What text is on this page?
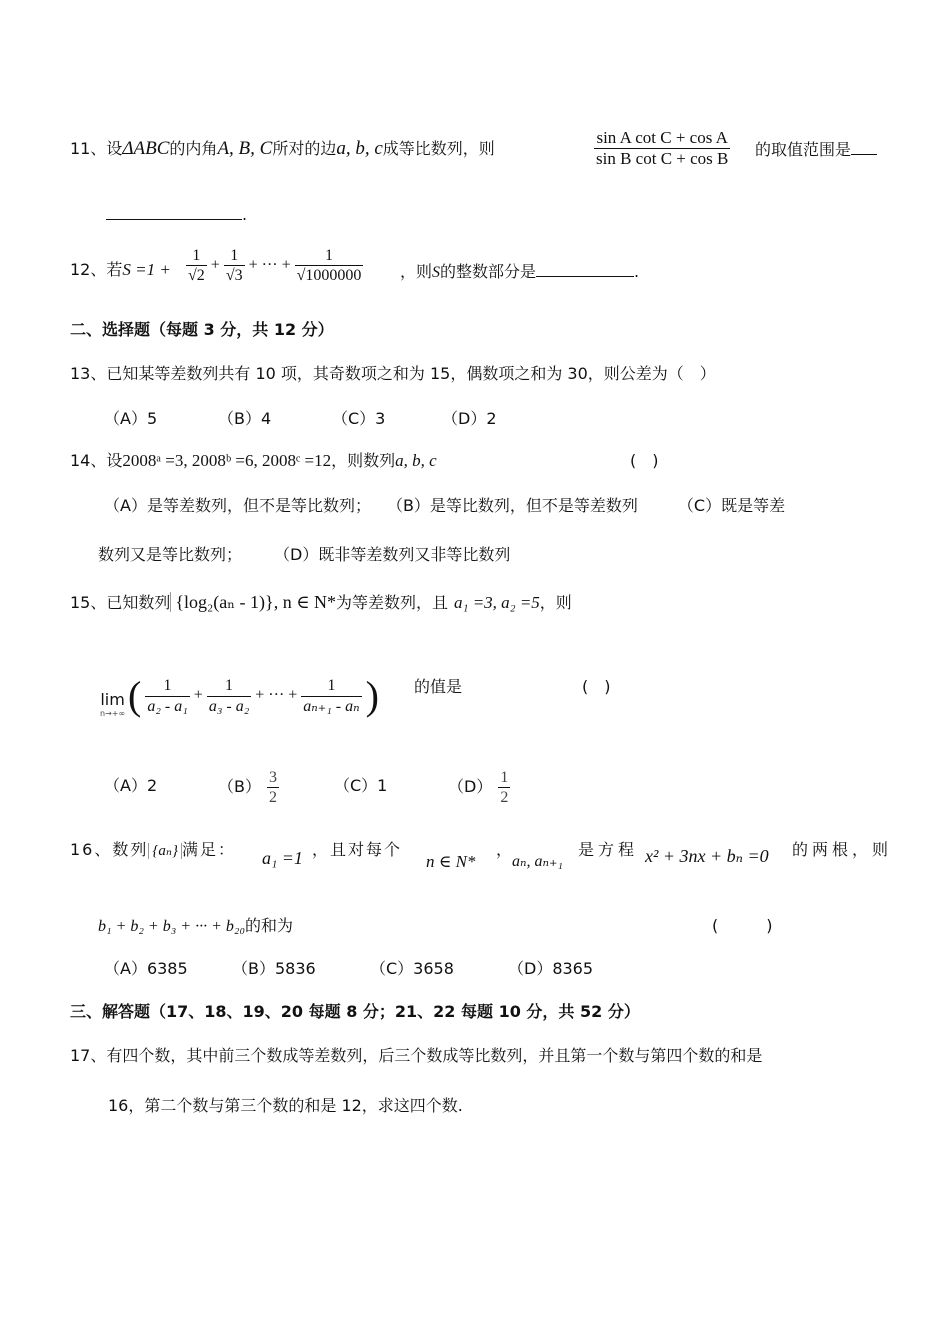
11、设ΔABC的内角A, B, C所对的边a, b, c成等比数列，则	$\frac{\text{sin A cot C + cos A}}{\text{sin B cot C + cos B}}$ 的取值范围是
.
12、若$S =1 + \frac{1}{√2} + \frac{1}{√3}$ + ··· + $\frac{1}{√1000000}$ ，则S的整数部分是	.
二、选择题（每题 3 分，共 12 分）
13、已知某等差数列共有 10 项，其奇数项之和为 15，偶数项之和为 30，则公差为（　）
（A）5	（B）4	（C）3	（D）2
14、设2008ᵃ =3, 2008ᵇ =6, 2008ᶜ =12，则数列a, b, c	(　)
（A）是等差数列，但不是等比数列；　　（B）是等比数列，但不是等差数列　　　（C）既是等差
数列又是等比数列；　　　（D）既非等差数列又非等比数列
15、已知数列 {log₂(aₙ - 1)}, n ∈ N*为等差数列，且 a₁ =3, a₂ =5，则
lim
n→+∞ ( $\frac{1}{\text{a₂ - a₁}} + \frac{1}{\text{a₃ - a₂}}$ + ··· + $\frac{1}{\text{aₙ₊₁ - aₙ}}$ ) 的值是	(　)
（A）2	$(B) \frac{3}{2}$	（C）1	$(D) \frac{1}{2}$
16、数列 {aₙ} 满足： a₁ =1 ，且对每个
n ∈ N*
，
aₙ, aₙ₊₁
是方程 x² + 3nx + bₙ =0 的两根，则
b₁ + b₂ + b₃ + ··· + b₂₀的和为	(　　　)
（A）6385	（B）5836	（C）3658	（D）8365
三、解答题（17、18、19、20 每题 8 分；21、22 每题 10 分，共 52 分）
17、有四个数，其中前三个数成等差数列，后三个数成等比数列，并且第一个数与第四个数的和是
16，第二个数与第三个数的和是 12，求这四个数.
